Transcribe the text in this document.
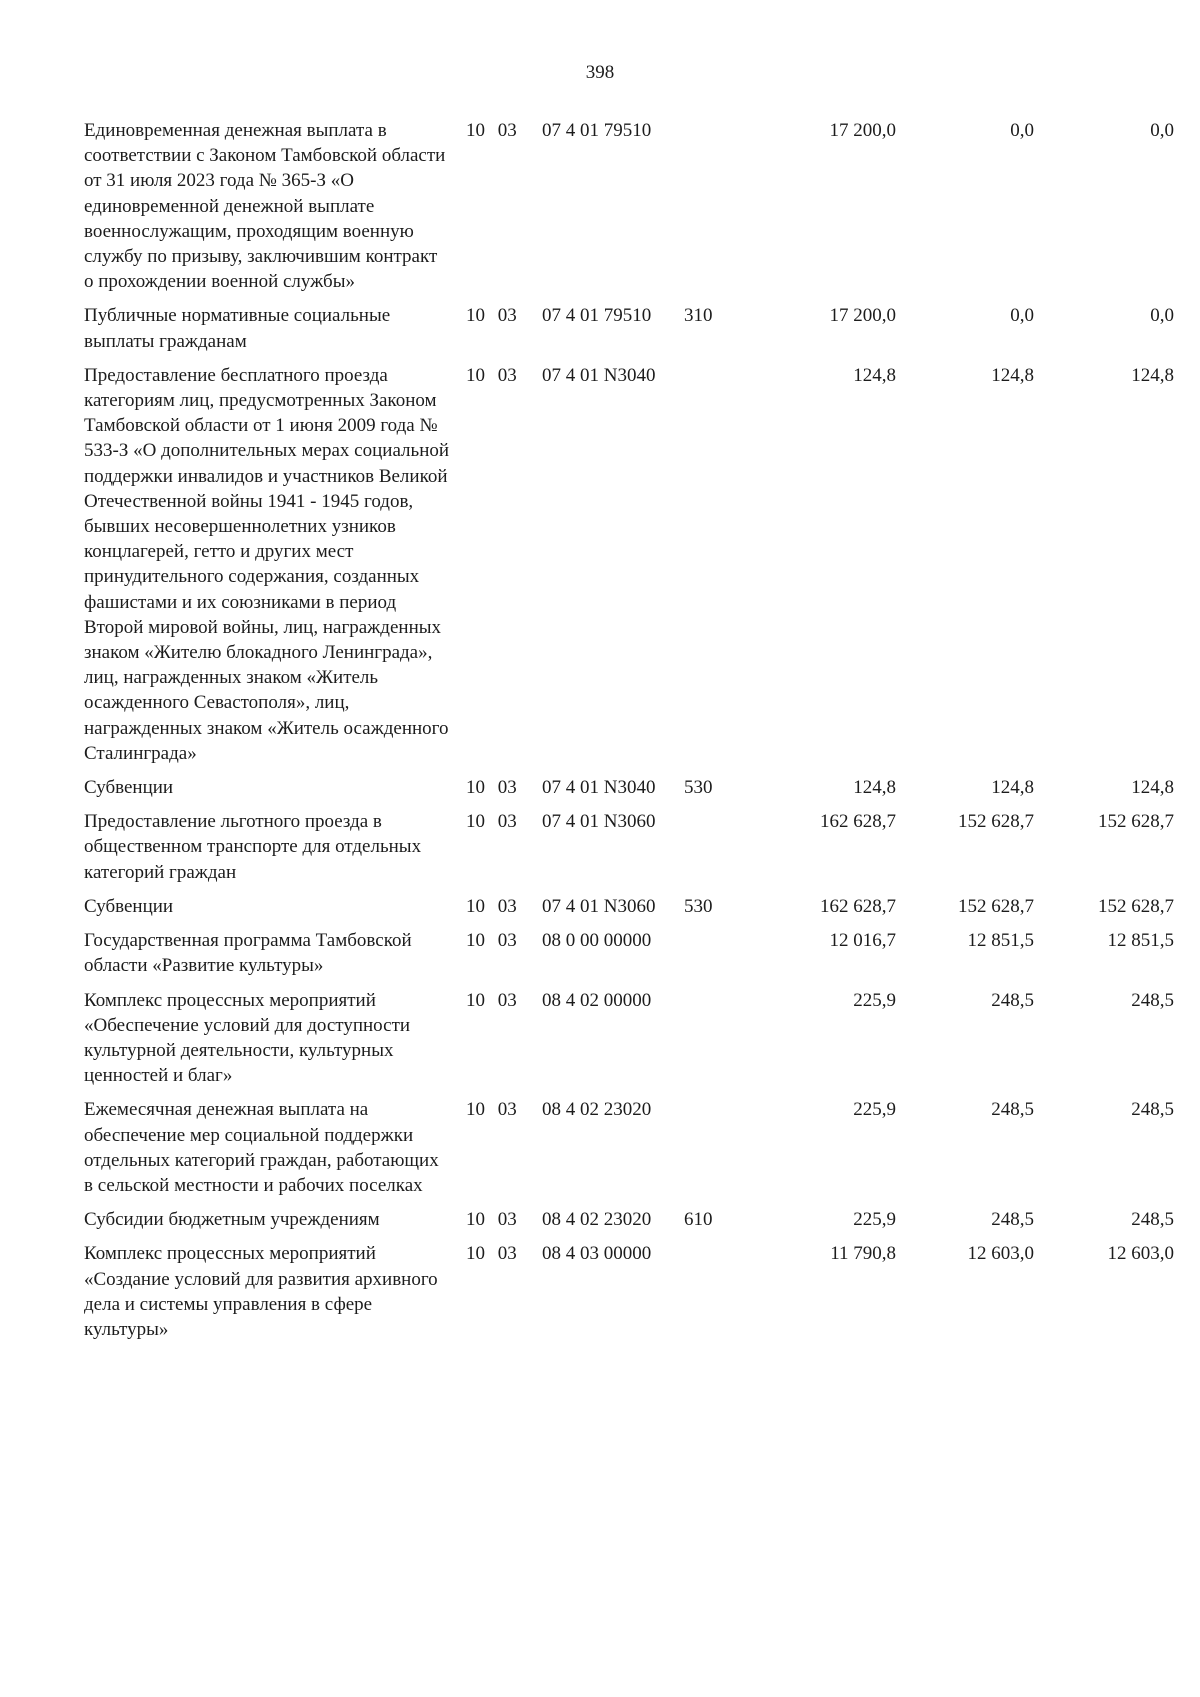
398
Единовременная денежная выплата в соответствии с Законом Тамбовской области от 31 июля 2023 года № 365-З «О единовременной денежной выплате военнослужащим, проходящим военную службу по призыву, заключившим контракт о прохождении военной службы»	10 03	07 4 01 79510		17 200,0	0,0	0,0
Публичные нормативные социальные выплаты гражданам	10 03	07 4 01 79510	310	17 200,0	0,0	0,0
Предоставление бесплатного проезда категориям лиц, предусмотренных Законом Тамбовской области от 1 июня 2009 года № 533-З «О дополнительных мерах социальной поддержки инвалидов и участников Великой Отечественной войны 1941 - 1945 годов, бывших несовершеннолетних узников концлагерей, гетто и других мест принудительного содержания, созданных фашистами и их союзниками в период Второй мировой войны, лиц, награжденных знаком «Жителю блокадного Ленинграда», лиц, награжденных знаком «Житель осажденного Севастополя», лиц, награжденных знаком «Житель осажденного Сталинграда»	10 03	07 4 01 N3040		124,8	124,8	124,8
Субвенции	10 03	07 4 01 N3040	530	124,8	124,8	124,8
Предоставление льготного проезда в общественном транспорте для отдельных категорий граждан	10 03	07 4 01 N3060		162 628,7	152 628,7	152 628,7
Субвенции	10 03	07 4 01 N3060	530	162 628,7	152 628,7	152 628,7
Государственная программа Тамбовской области «Развитие культуры»	10 03	08 0 00 00000		12 016,7	12 851,5	12 851,5
Комплекс процессных мероприятий «Обеспечение условий для доступности культурной деятельности, культурных ценностей и благ»	10 03	08 4 02 00000		225,9	248,5	248,5
Ежемесячная денежная выплата на обеспечение мер социальной поддержки отдельных категорий граждан, работающих в сельской местности и рабочих поселках	10 03	08 4 02 23020		225,9	248,5	248,5
Субсидии бюджетным учреждениям	10 03	08 4 02 23020	610	225,9	248,5	248,5
Комплекс процессных мероприятий «Создание условий для развития архивного дела и системы управления в сфере культуры»	10 03	08 4 03 00000		11 790,8	12 603,0	12 603,0
